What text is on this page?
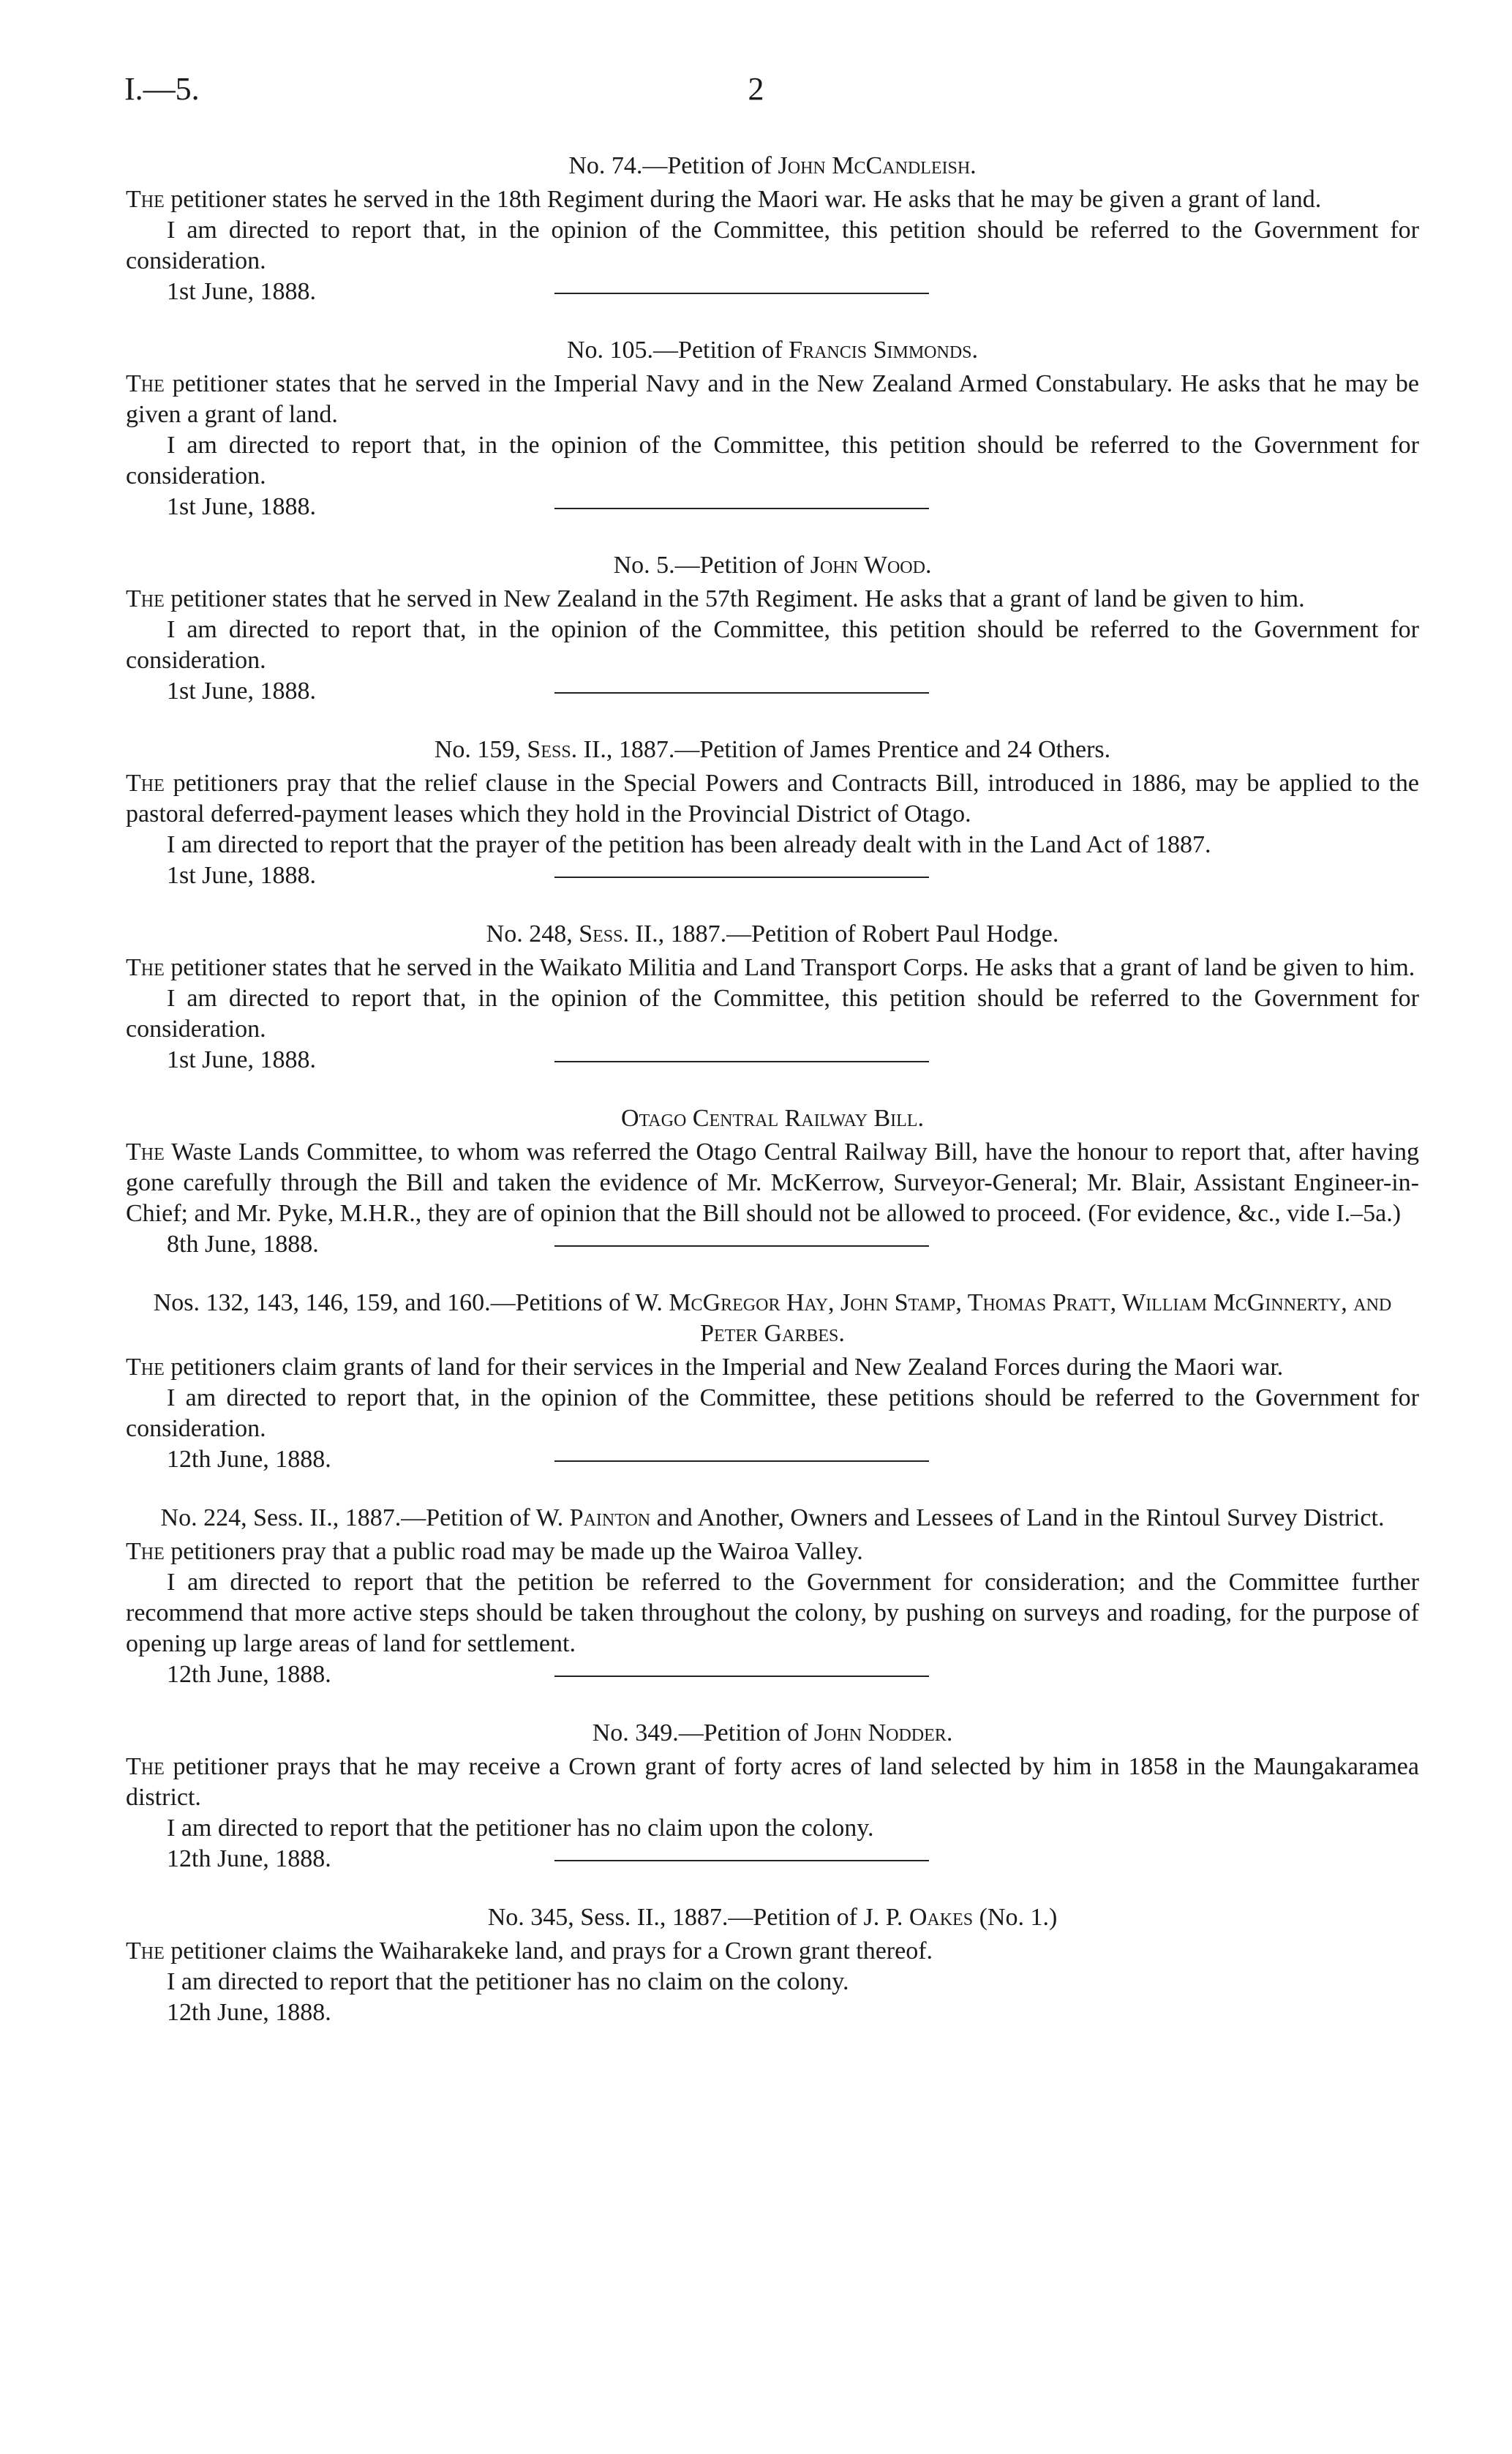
I.—5.	2
No. 74.—Petition of John McCandleish.

The petitioner states he served in the 18th Regiment during the Maori war. He asks that he may be given a grant of land.

I am directed to report that, in the opinion of the Committee, this petition should be referred to the Government for consideration.

1st June, 1888.
No. 105.—Petition of Francis Simmonds.

The petitioner states that he served in the Imperial Navy and in the New Zealand Armed Constabulary. He asks that he may be given a grant of land.

I am directed to report that, in the opinion of the Committee, this petition should be referred to the Government for consideration.

1st June, 1888.
No. 5.—Petition of John Wood.

The petitioner states that he served in New Zealand in the 57th Regiment. He asks that a grant of land be given to him.

I am directed to report that, in the opinion of the Committee, this petition should be referred to the Government for consideration.

1st June, 1888.
No. 159, Sess. II., 1887.—Petition of James Prentice and 24 Others.

The petitioners pray that the relief clause in the Special Powers and Contracts Bill, introduced in 1886, may be applied to the pastoral deferred-payment leases which they hold in the Provincial District of Otago.

I am directed to report that the prayer of the petition has been already dealt with in the Land Act of 1887.

1st June, 1888.
No. 248, Sess. II., 1887.—Petition of Robert Paul Hodge.

The petitioner states that he served in the Waikato Militia and Land Transport Corps. He asks that a grant of land be given to him.

I am directed to report that, in the opinion of the Committee, this petition should be referred to the Government for consideration.

1st June, 1888.
Otago Central Railway Bill.

The Waste Lands Committee, to whom was referred the Otago Central Railway Bill, have the honour to report that, after having gone carefully through the Bill and taken the evidence of Mr. McKerrow, Surveyor-General; Mr. Blair, Assistant Engineer-in-Chief; and Mr. Pyke, M.H.R., they are of opinion that the Bill should not be allowed to proceed. (For evidence, &c., vide I.–5a.)

8th June, 1888.
Nos. 132, 143, 146, 159, and 160.—Petitions of W. McGregor Hay, John Stamp, Thomas Pratt, William McGinnerty, and Peter Garbes.

The petitioners claim grants of land for their services in the Imperial and New Zealand Forces during the Maori war.

I am directed to report that, in the opinion of the Committee, these petitions should be referred to the Government for consideration.

12th June, 1888.
No. 224, Sess. II., 1887.—Petition of W. Painton and Another, Owners and Lessees of Land in the Rintoul Survey District.

The petitioners pray that a public road may be made up the Wairoa Valley.

I am directed to report that the petition be referred to the Government for consideration; and the Committee further recommend that more active steps should be taken throughout the colony, by pushing on surveys and roading, for the purpose of opening up large areas of land for settlement.

12th June, 1888.
No. 349.—Petition of John Nodder.

The petitioner prays that he may receive a Crown grant of forty acres of land selected by him in 1858 in the Maungakaramea district.

I am directed to report that the petitioner has no claim upon the colony.

12th June, 1888.
No. 345, Sess. II., 1887.—Petition of J. P. Oakes (No. 1.)

The petitioner claims the Waiharakeke land, and prays for a Crown grant thereof.

I am directed to report that the petitioner has no claim on the colony.

12th June, 1888.
